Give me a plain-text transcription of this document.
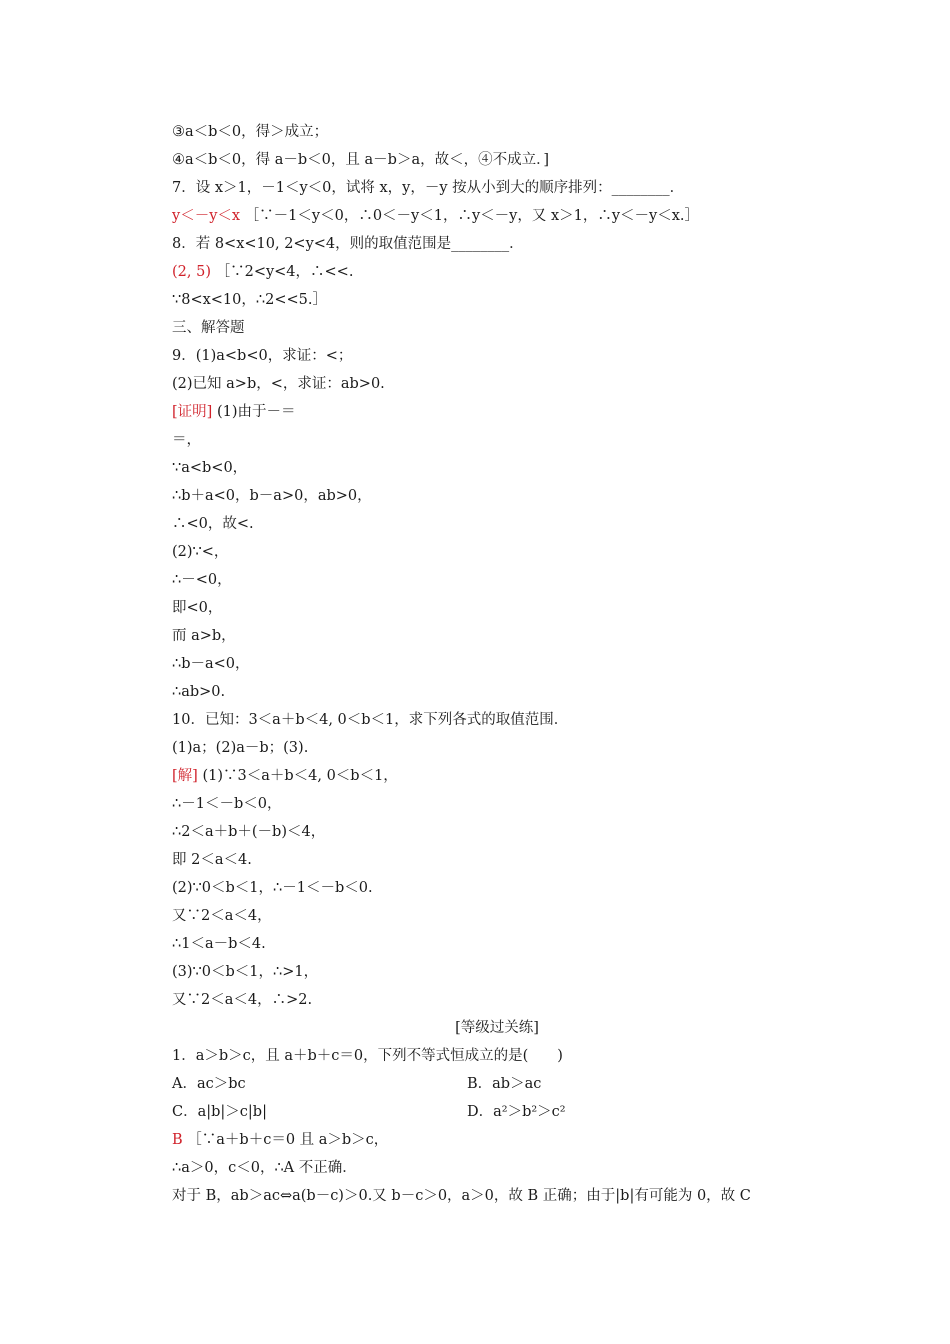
③a＜b＜0，得＞成立；
④a＜b＜0，得 a－b＜0，且 a－b＞a，故＜，④不成立．]
7．设 x＞1，－1＜y＜0，试将 x，y，－y 按从小到大的顺序排列：________．
y＜－y＜x ［∵－1＜y＜0，∴0＜－y＜1，∴y＜－y，又 x＞1，∴y＜－y＜x.］
8．若 8<x<10, 2<y<4，则的取值范围是________．
(2, 5) ［∵2<y<4，∴<<.
∵8<x<10，∴2<<5.］
三、解答题
9．(1)a<b<0，求证：<；
(2)已知 a>b，<，求证：ab>0.
[证明] (1)由于－＝
＝，
∵a<b<0，
∴b＋a<0，b－a>0，ab>0，
∴<0，故<.
(2)∵<，
∴－<0，
即<0，
而 a>b，
∴b－a<0，
∴ab>0.
10．已知：3＜a＋b＜4, 0＜b＜1，求下列各式的取值范围．
(1)a；(2)a－b；(3).
[解] (1)∵3＜a＋b＜4, 0＜b＜1，
∴－1＜－b＜0，
∴2＜a＋b＋(－b)＜4，
即 2＜a＜4.
(2)∵0＜b＜1，∴－1＜－b＜0.
又∵2＜a＜4，
∴1＜a－b＜4.
(3)∵0＜b＜1，∴>1，
又∵2＜a＜4，∴>2.
[等级过关练]
1．a＞b＞c，且 a＋b＋c＝0，下列不等式恒成立的是(　　)
A．ac＞bc	B．ab＞ac
C．a|b|＞c|b|	D．a²＞b²＞c²
B ［∵a＋b＋c＝0 且 a＞b＞c，
∴a＞0，c＜0，∴A 不正确．
对于 B，ab＞ac⇔a(b－c)＞0.又 b－c＞0，a＞0，故 B 正确；由于|b|有可能为 0，故 C
